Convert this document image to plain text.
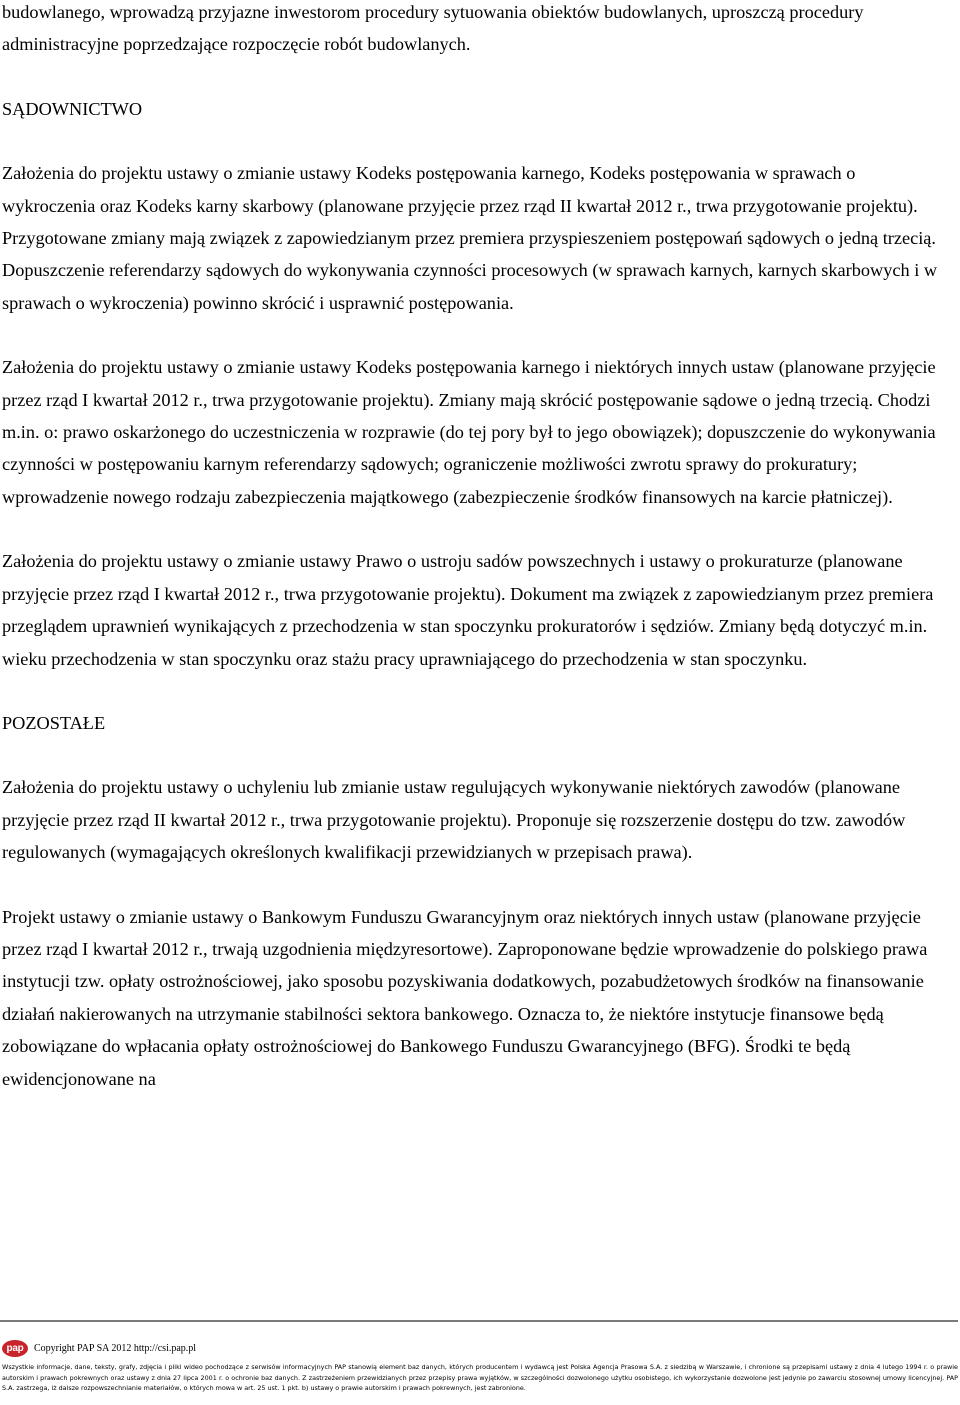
budowlanego, wprowadzą przyjazne inwestorom procedury sytuowania obiektów budowlanych, uproszczą procedury administracyjne poprzedzające rozpoczęcie robót budowlanych.

SĄDOWNICTWO

Założenia do projektu ustawy o zmianie ustawy Kodeks postępowania karnego, Kodeks postępowania w sprawach o wykroczenia oraz Kodeks karny skarbowy (planowane przyjęcie przez rząd II kwartał 2012 r., trwa przygotowanie projektu). Przygotowane zmiany mają związek z zapowiedzianym przez premiera przyspieszeniem postępowań sądowych o jedną trzecią. Dopuszczenie referendarzy sądowych do wykonywania czynności procesowych (w sprawach karnych, karnych skarbowych i w sprawach o wykroczenia) powinno skrócić i usprawnić postępowania.

Założenia do projektu ustawy o zmianie ustawy Kodeks postępowania karnego i niektórych innych ustaw (planowane przyjęcie przez rząd I kwartał 2012 r., trwa przygotowanie projektu). Zmiany mają skrócić postępowanie sądowe o jedną trzecią. Chodzi m.in. o: prawo oskarżonego do uczestniczenia w rozprawie (do tej pory był to jego obowiązek); dopuszczenie do wykonywania czynności w postępowaniu karnym referendarzy sądowych; ograniczenie możliwości zwrotu sprawy do prokuratury; wprowadzenie nowego rodzaju zabezpieczenia majątkowego (zabezpieczenie środków finansowych na karcie płatniczej).

Założenia do projektu ustawy o zmianie ustawy Prawo o ustroju sadów powszechnych i ustawy o prokuraturze (planowane przyjęcie przez rząd I kwartał 2012 r., trwa przygotowanie projektu). Dokument ma związek z zapowiedzianym przez premiera przeglądem uprawnień wynikających z przechodzenia w stan spoczynku prokuratorów i sędziów. Zmiany będą dotyczyć m.in. wieku przechodzenia w stan spoczynku oraz stażu pracy uprawniającego do przechodzenia w stan spoczynku.

POZOSTAŁE

Założenia do projektu ustawy o uchyleniu lub zmianie ustaw regulujących wykonywanie niektórych zawodów (planowane przyjęcie przez rząd II kwartał 2012 r., trwa przygotowanie projektu). Proponuje się rozszerzenie dostępu do tzw. zawodów regulowanych (wymagających określonych kwalifikacji przewidzianych w przepisach prawa).

Projekt ustawy o zmianie ustawy o Bankowym Funduszu Gwarancyjnym oraz niektórych innych ustaw (planowane przyjęcie przez rząd I kwartał 2012 r., trwają uzgodnienia międzyresortowe). Zaproponowane będzie wprowadzenie do polskiego prawa instytucji tzw. opłaty ostrożnościowej, jako sposobu pozyskiwania dodatkowych, pozabudżetowych środków na finansowanie działań nakierowanych na utrzymanie stabilności sektora bankowego. Oznacza to, że niektóre instytucje finansowe będą zobowiązane do wpłacania opłaty ostrożnościowej do Bankowego Funduszu Gwarancyjnego (BFG). Środki te będą ewidencjonowane na

pap	Copyright PAP SA 2012 http://csi.pap.pl
Wszystkie informacje, dane, teksty, grafy, zdjęcia i pliki wideo pochodzące z serwisów informacyjnych PAP stanowią element baz danych, których producentem i wydawcą jest Polska Agencja Prasowa S.A. z siedzibą w Warszawie, i chronione są przepisami ustawy z dnia 4 lutego 1994 r. o prawie autorskim i prawach pokrewnych oraz ustawy z dnia 27 lipca 2001 r. o ochronie baz danych. Z zastrzeżeniem przewidzianych przez przepisy prawa wyjątków, w szczególności dozwolonego użytku osobistego, ich wykorzystanie dozwolone jest jedynie po zawarciu stosownej umowy licencyjnej. PAP S.A. zastrzega, iż dalsze rozpowszechnianie materiałów, o których mowa w art. 25 ust. 1 pkt. b) ustawy o prawie autorskim i prawach pokrewnych, jest zabronione.
